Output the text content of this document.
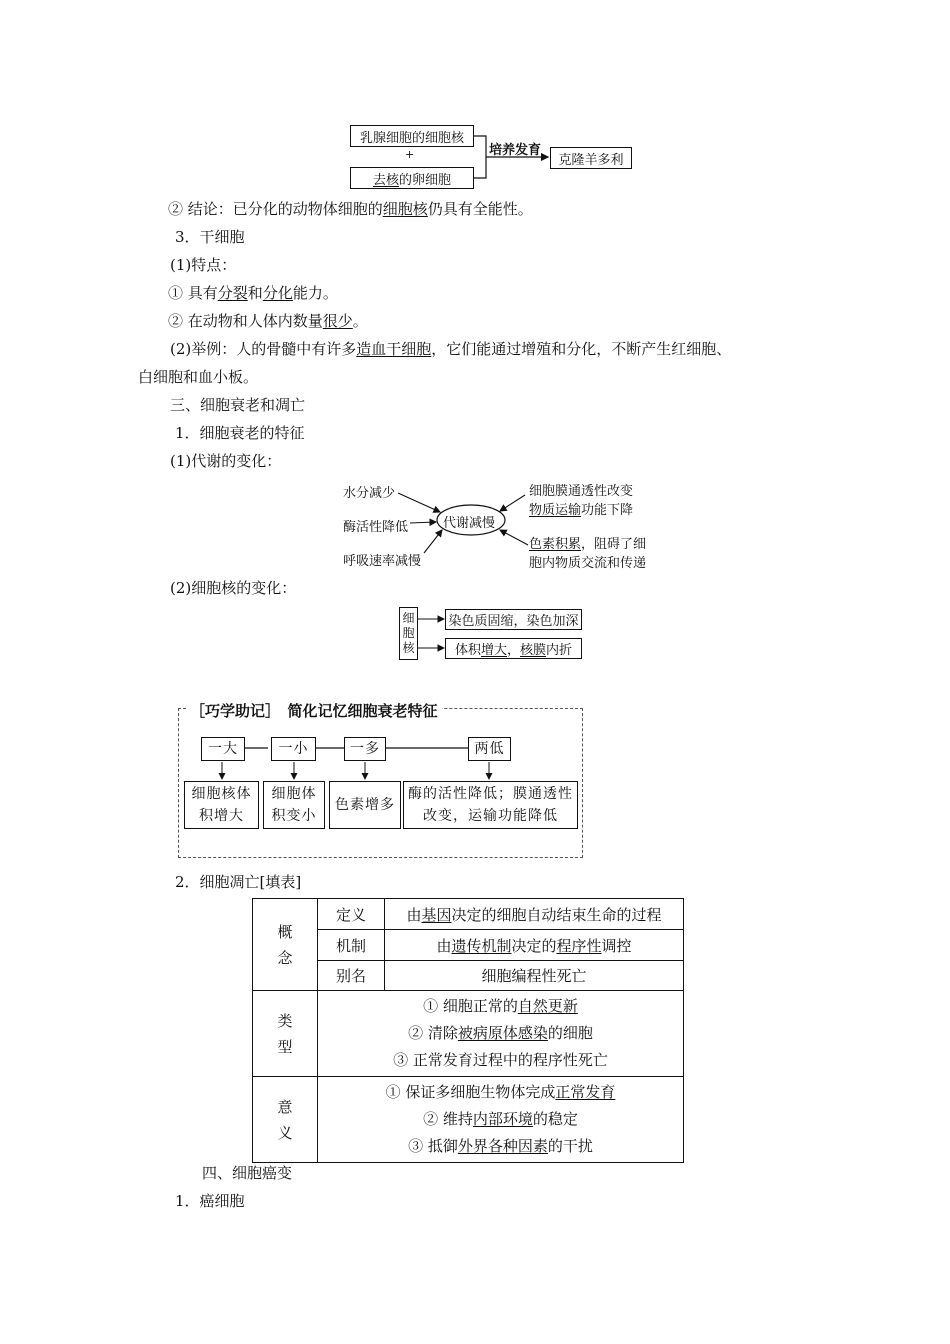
乳腺细胞的细胞核
+
去核 的卵细胞
培养发育
克隆羊多利
② 结论：已分化的动物体细胞的细胞核仍具有全能性。
3．干细胞
(1)特点：
① 具有分裂和分化能力。
② 在动物和人体内数量很少。
(2)举例：人的骨髓中有许多造血干细胞，它们能通过增殖和分化，不断产生红细胞、
白细胞和血小板。
三、细胞衰老和凋亡
1．细胞衰老的特征
(1)代谢的变化：
代谢减慢
水分减少
酶活性降低
呼吸速率减慢
细胞膜通透性改变
物质运输功能下降
色素积累，阻碍了细
胞内物质交流和传递
(2)细胞核的变化：
细胞核
染色质固缩，染色加深
体积 增大 ， 核膜 内折
［巧学助记］　简化记忆细胞衰老特征
一大	一小	一多	两低
细胞核体积增大
细胞体积变小
色素增多
酶的活性降低；膜通透性改变，运输功能降低
2．细胞凋亡[填表]
概念	定义	由基因决定的细胞自动结束生命的过程
	机制	由遗传机制决定的程序性调控
	别名	细胞编程性死亡
类型	① 细胞正常的自然更新
② 清除被病原体感染的细胞
③ 正常发育过程中的程序性死亡	

意义	① 保证多细胞生物体完成正常发育
② 维持内部环境的稳定
③ 抵御外界各种因素的干扰	
四、细胞癌变
1．癌细胞
